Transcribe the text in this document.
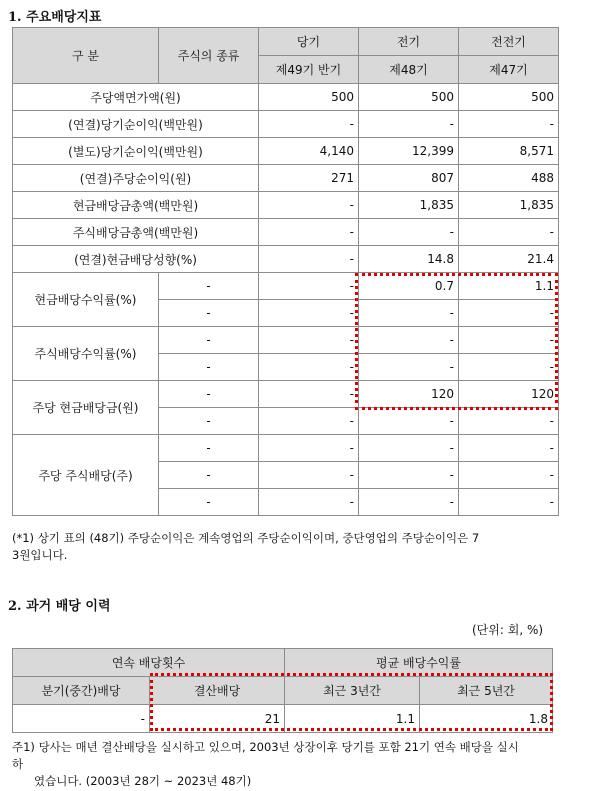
1. 주요배당지표
구 분	주식의 종류	당기	전기	전전기
		제49기 반기	제48기	제47기
주당액면가액(원)		500	500	500
(연결)당기순이익(백만원)		-	-	-
(별도)당기순이익(백만원)		4,140	12,399	8,571
(연결)주당순이익(원)		271	807	488
현금배당금총액(백만원)		-	1,835	1,835
주식배당금총액(백만원)		-	-	-
(연결)현금배당성향(%)		-	14.8	21.4
현금배당수익률(%)	-	-	0.7	1.1
	-	-	-	-
주식배당수익률(%)	-	-	-	-
	-	-	-	-
주당 현금배당금(원)	-	-	120	120
	-	-	-	-
주당 주식배당(주)	-	-	-	-
	-	-	-	-
	-	-	-	-
(*1) 상기 표의 (48기) 주당순이익은 계속영업의 주당순이익이며, 중단영업의 주당순이익은 7
3원입니다.
2. 과거 배당 이력
(단위: 회, %)
연속 배당횟수		평균 배당수익률	
분기(중간)배당	결산배당	최근 3년간	최근 5년간
-	21	1.1	1.8
주1) 당사는 매년 결산배당을 실시하고 있으며, 2003년 상장이후 당기를 포함 21기 연속 배당을 실시
하
였습니다. (2003년 28기 ~ 2023년 48기)
